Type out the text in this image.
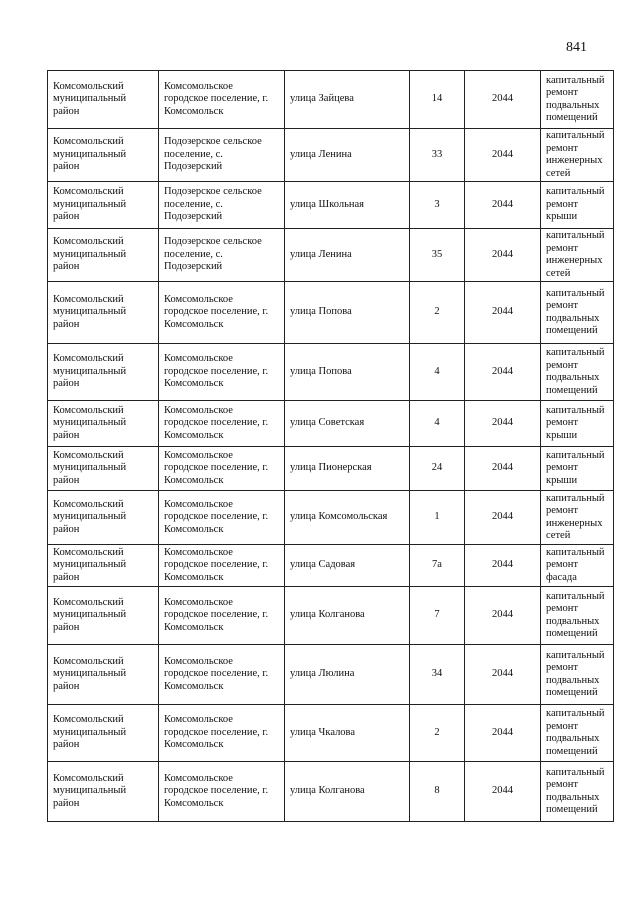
841
Комсомольский муниципальный район	Комсомольское городское поселение, г. Комсомольск	улица Зайцева	14	2044	капитальный ремонт подвальных помещений
Комсомольский муниципальный район	Подозерское сельское поселение, с. Подозерский	улица Ленина	33	2044	капитальный ремонт инженерных сетей
Комсомольский муниципальный район	Подозерское сельское поселение, с. Подозерский	улица Школьная	3	2044	капитальный ремонт крыши
Комсомольский муниципальный район	Подозерское сельское поселение, с. Подозерский	улица Ленина	35	2044	капитальный ремонт инженерных сетей
Комсомольский муниципальный район	Комсомольское городское поселение, г. Комсомольск	улица Попова	2	2044	капитальный ремонт подвальных помещений
Комсомольский муниципальный район	Комсомольское городское поселение, г. Комсомольск	улица Попова	4	2044	капитальный ремонт подвальных помещений
Комсомольский муниципальный район	Комсомольское городское поселение, г. Комсомольск	улица Советская	4	2044	капитальный ремонт крыши
Комсомольский муниципальный район	Комсомольское городское поселение, г. Комсомольск	улица Пионерская	24	2044	капитальный ремонт крыши
Комсомольский муниципальный район	Комсомольское городское поселение, г. Комсомольск	улица Комсомольская	1	2044	капитальный ремонт инженерных сетей
Комсомольский муниципальный район	Комсомольское городское поселение, г. Комсомольск	улица Садовая	7а	2044	капитальный ремонт фасада
Комсомольский муниципальный район	Комсомольское городское поселение, г. Комсомольск	улица Колганова	7	2044	капитальный ремонт подвальных помещений
Комсомольский муниципальный район	Комсомольское городское поселение, г. Комсомольск	улица Люлина	34	2044	капитальный ремонт подвальных помещений
Комсомольский муниципальный район	Комсомольское городское поселение, г. Комсомольск	улица Чкалова	2	2044	капитальный ремонт подвальных помещений
Комсомольский муниципальный район	Комсомольское городское поселение, г. Комсомольск	улица Колганова	8	2044	капитальный ремонт подвальных помещений
